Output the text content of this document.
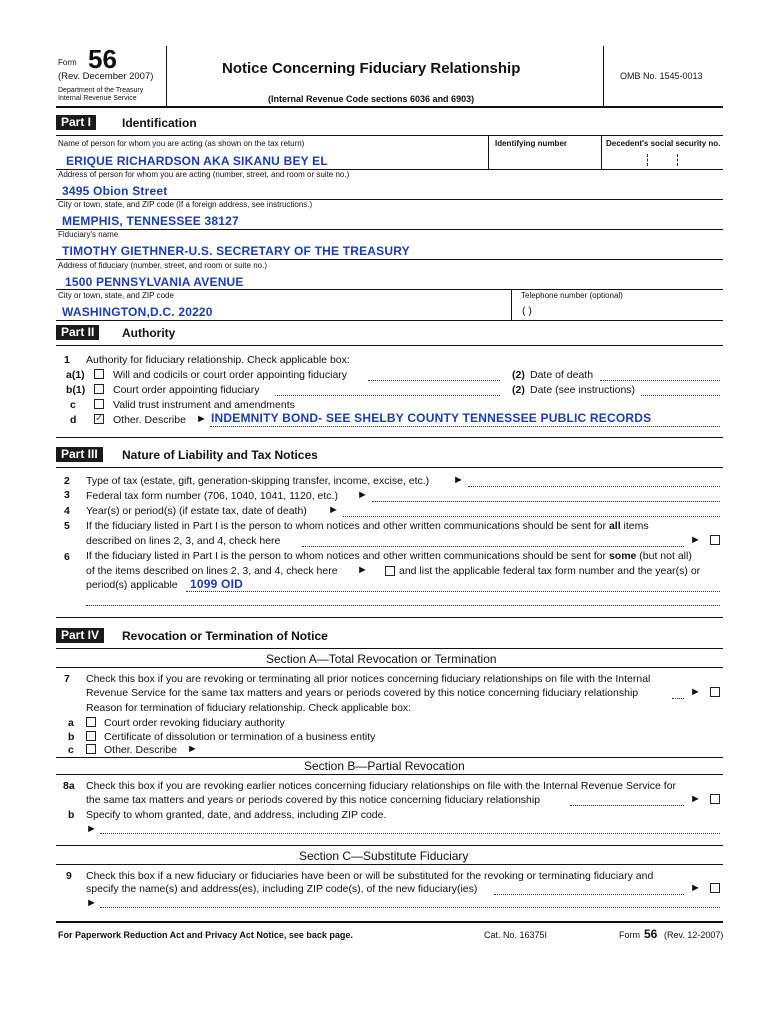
Form 56
(Rev. December 2007)
Department of the Treasury
Internal Revenue Service
Notice Concerning Fiduciary Relationship
(Internal Revenue Code sections 6036 and 6903)
OMB No. 1545-0013
Part I	Identification
Name of person for whom you are acting (as shown on the tax return)
ERIQUE RICHARDSON AKA SIKANU BEY EL
Identifying number	Decedent's social security no.
Address of person for whom you are acting (number, street, and room or suite no.)
3495 Obion Street
City or town, state, and ZIP code (If a foreign address, see instructions.)
MEMPHIS, TENNESSEE 38127
Fiduciary's name
TIMOTHY GIETHNER-U.S. SECRETARY OF THE TREASURY
Address of fiduciary (number, street, and room or suite no.)
1500 PENNSYLVANIA AVENUE
City or town, state, and ZIP code
WASHINGTON,D.C. 20220
Telephone number (optional)
( )
Part II	Authority
1 Authority for fiduciary relationship. Check applicable box:
a(1)	Will and codicils or court order appointing fiduciary	(2) Date of death
b(1)	Court order appointing fiduciary	(2) Date (see instructions)
c	Valid trust instrument and amendments
d ✓ Other. Describe ► INDEMNITY BOND- SEE SHELBY COUNTY TENNESSEE PUBLIC RECORDS
Part III	Nature of Liability and Tax Notices
2 Type of tax (estate, gift, generation-skipping transfer, income, excise, etc.) ►
3 Federal tax form number (706, 1040, 1041, 1120, etc.) ►
4 Year(s) or period(s) (if estate tax, date of death) ►
5 If the fiduciary listed in Part I is the person to whom notices and other written communications should be sent for all items
described on lines 2, 3, and 4, check here	►
6 If the fiduciary listed in Part I is the person to whom notices and other written communications should be sent for some (but not all)
of the items described on lines 2, 3, and 4, check here ►	and list the applicable federal tax form number and the year(s) or
period(s) applicable 1099 OID
Part IV	Revocation or Termination of Notice
Section A—Total Revocation or Termination
7 Check this box if you are revoking or terminating all prior notices concerning fiduciary relationships on file with the Internal
Revenue Service for the same tax matters and years or periods covered by this notice concerning fiduciary relationship	►
Reason for termination of fiduciary relationship. Check applicable box:
a	Court order revoking fiduciary authority
b	Certificate of dissolution or termination of a business entity
c	Other. Describe ►
Section B—Partial Revocation
8a Check this box if you are revoking earlier notices concerning fiduciary relationships on file with the Internal Revenue Service for
the same tax matters and years or periods covered by this notice concerning fiduciary relationship	►
b Specify to whom granted, date, and address, including ZIP code.
►
Section C—Substitute Fiduciary
9 Check this box if a new fiduciary or fiduciaries have been or will be substituted for the revoking or terminating fiduciary and
specify the name(s) and address(es), including ZIP code(s), of the new fiduciary(ies)	►
►
For Paperwork Reduction Act and Privacy Act Notice, see back page.	Cat. No. 16375I	Form 56 (Rev. 12-2007)
